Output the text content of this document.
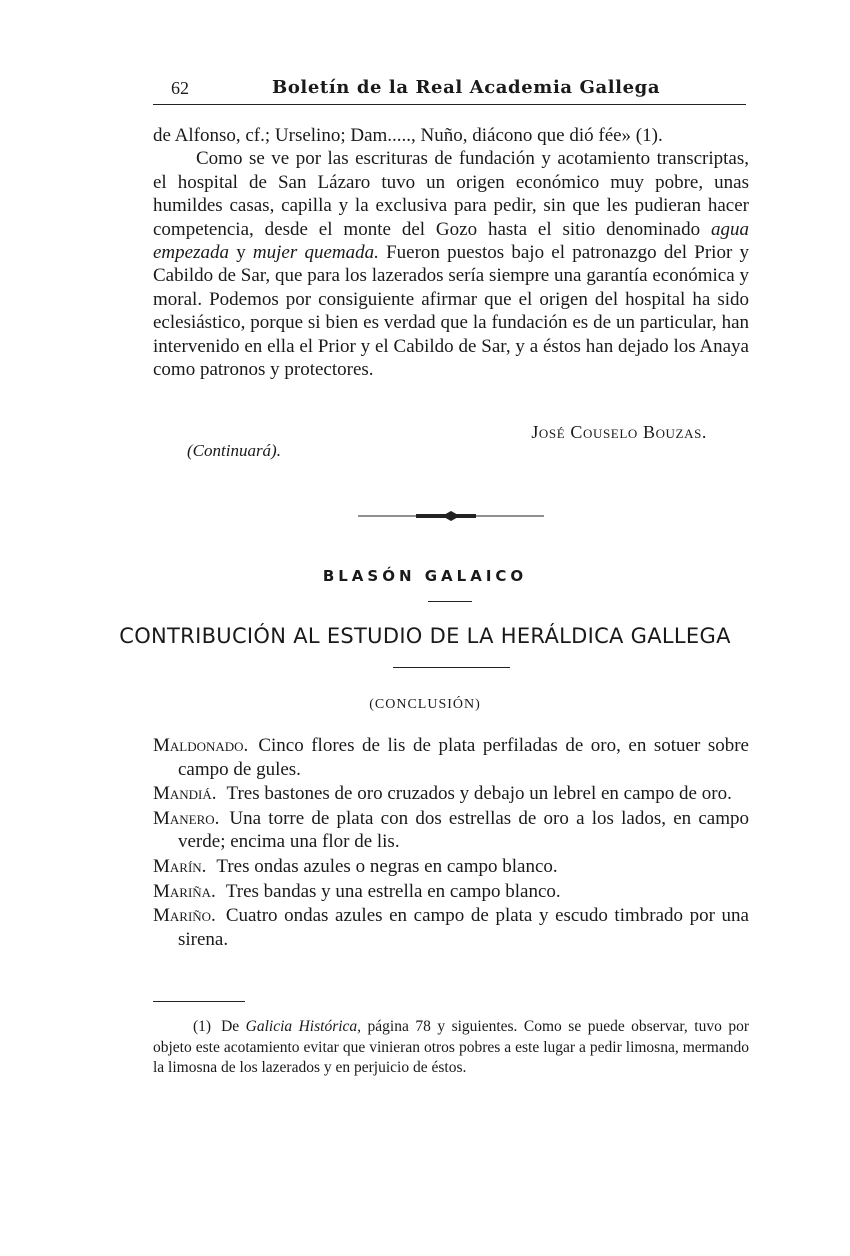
62	Boletín de la Real Academia Gallega

de Alfonso, cf.; Urselino; Dam....., Nuño, diácono que dió fée» (1).

Como se ve por las escrituras de fundación y acotamiento transcriptas, el hospital de San Lázaro tuvo un origen económico muy pobre, unas humildes casas, capilla y la exclusiva para pedir, sin que les pudieran hacer competencia, desde el monte del Gozo hasta el sitio denominado agua empezada y mujer quemada. Fueron puestos bajo el patronazgo del Prior y Cabildo de Sar, que para los lazerados sería siempre una garantía económica y moral. Podemos por consiguiente afirmar que el origen del hospital ha sido eclesiástico, porque si bien es verdad que la fundación es de un particular, han intervenido en ella el Prior y el Cabildo de Sar, y a éstos han dejado los Anaya como patronos y protectores.

José Couselo Bouzas.
(Continuará).
BLASÓN GALAICO
CONTRIBUCIÓN AL ESTUDIO DE LA HERÁLDICA GALLEGA
(CONCLUSIÓN)

Maldonado. Cinco flores de lis de plata perfiladas de oro, en sotuer sobre campo de gules.

Mandiá. Tres bastones de oro cruzados y debajo un lebrel en campo de oro.

Manero. Una torre de plata con dos estrellas de oro a los lados, en campo verde; encima una flor de lis.

Marín. Tres ondas azules o negras en campo blanco.

Mariña. Tres bandas y una estrella en campo blanco.

Mariño. Cuatro ondas azules en campo de plata y escudo timbrado por una sirena.

(1) De Galicia Histórica, página 78 y siguientes. Como se puede observar, tuvo por objeto este acotamiento evitar que vinieran otros pobres a este lugar a pedir limosna, mermando la limosna de los lazerados y en perjuicio de éstos.
